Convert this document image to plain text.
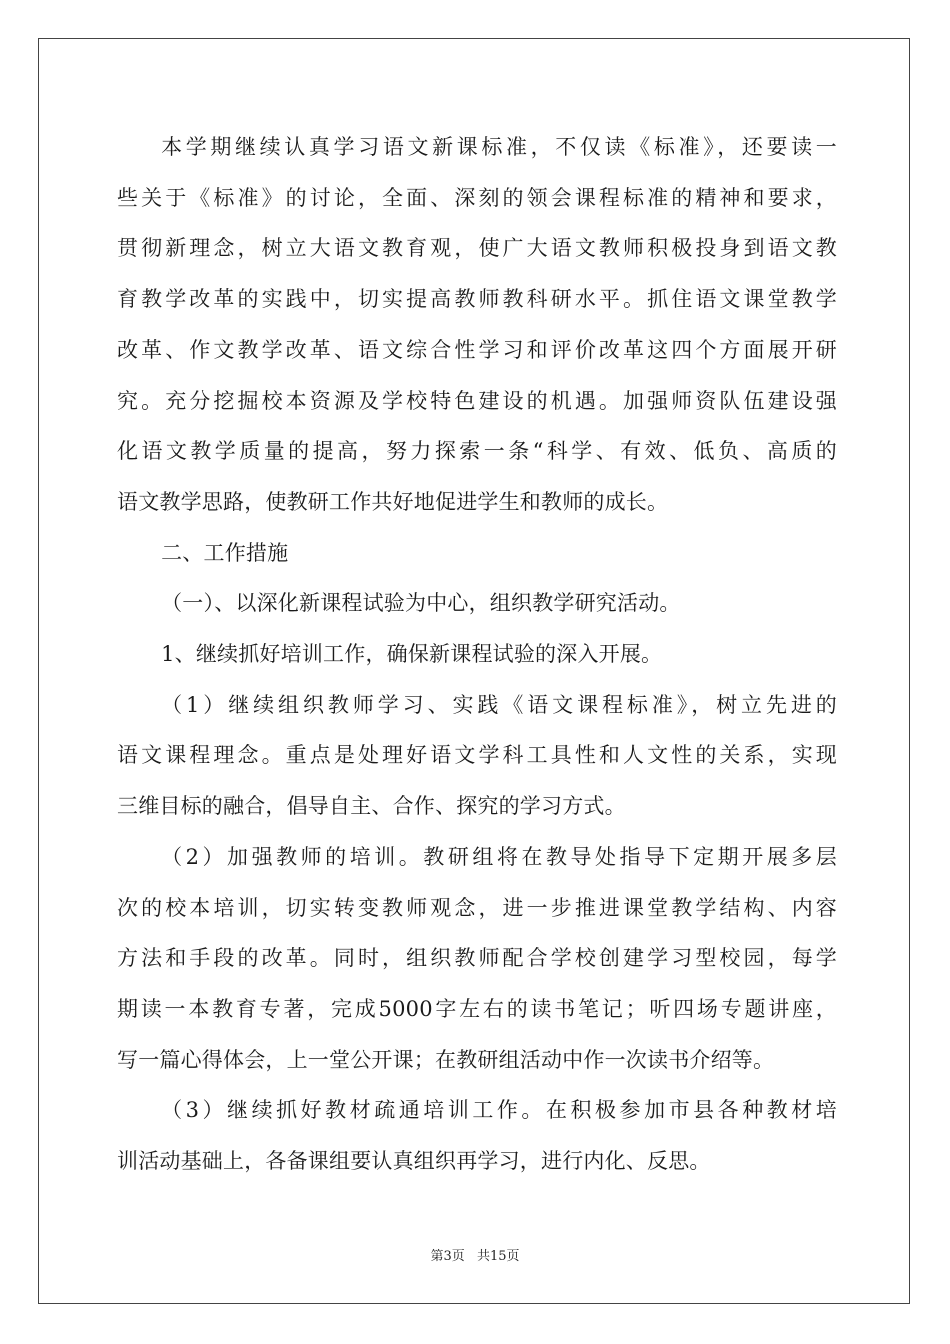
本学期继续认真学习语文新课标准，不仅读《标准》，还要读一
些关于《标准》的讨论，全面、深刻的领会课程标准的精神和要求，
贯彻新理念，树立大语文教育观，使广大语文教师积极投身到语文教
育教学改革的实践中，切实提高教师教科研水平。抓住语文课堂教学
改革、作文教学改革、语文综合性学习和评价改革这四个方面展开研
究。充分挖掘校本资源及学校特色建设的机遇。加强师资队伍建设强
化语文教学质量的提高，努力探索一条“科学、有效、低负、高质的
语文教学思路，使教研工作共好地促进学生和教师的成长。

二、工作措施

（一）、以深化新课程试验为中心，组织教学研究活动。

1、继续抓好培训工作，确保新课程试验的深入开展。

（1）继续组织教师学习、实践《语文课程标准》，树立先进的
语文课程理念。重点是处理好语文学科工具性和人文性的关系，实现
三维目标的融合，倡导自主、合作、探究的学习方式。

（2）加强教师的培训。教研组将在教导处指导下定期开展多层
次的校本培训，切实转变教师观念，进一步推进课堂教学结构、内容
方法和手段的改革。同时，组织教师配合学校创建学习型校园，每学
期读一本教育专著，完成5000字左右的读书笔记；听四场专题讲座，
写一篇心得体会，上一堂公开课；在教研组活动中作一次读书介绍等。

（3）继续抓好教材疏通培训工作。在积极参加市县各种教材培
训活动基础上，各备课组要认真组织再学习，进行内化、反思。

第3页 共15页
